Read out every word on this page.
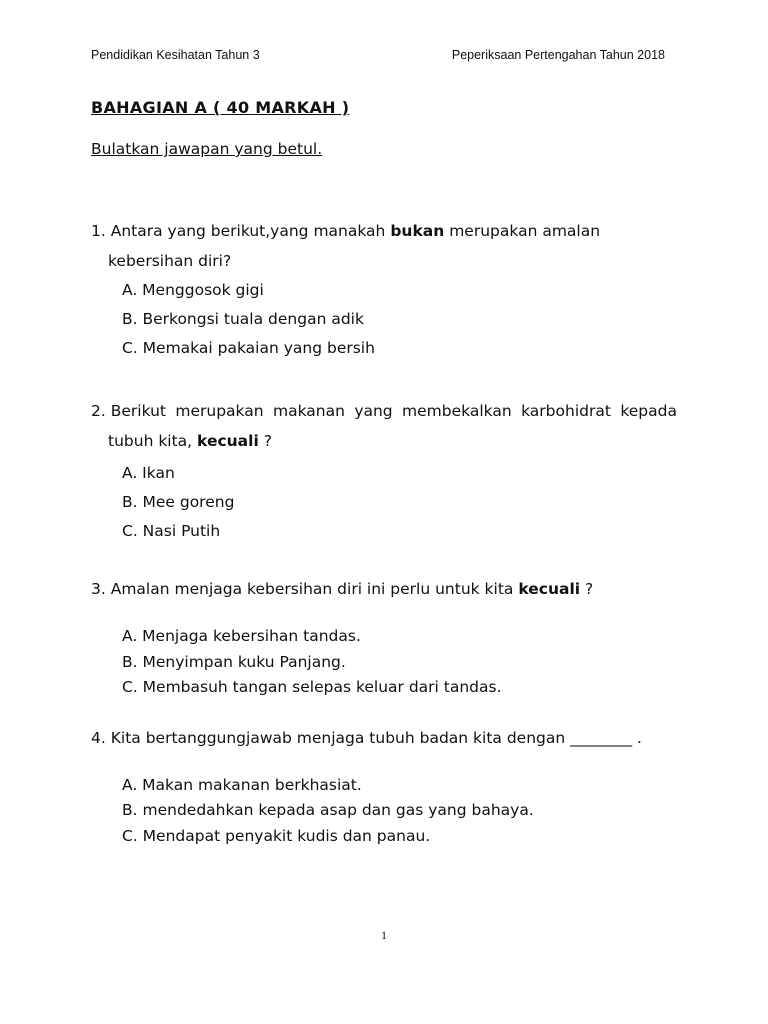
Pendidikan Kesihatan Tahun 3	Peperiksaan Pertengahan Tahun 2018
BAHAGIAN A ( 40 MARKAH )
Bulatkan jawapan yang betul.
1. Antara yang berikut,yang manakah bukan merupakan amalan
kebersihan diri?
A. Menggosok gigi
B. Berkongsi tuala dengan adik
C. Memakai pakaian yang bersih
2. Berikut merupakan makanan yang membekalkan karbohidrat kepada
tubuh kita, kecuali ?
A. Ikan
B. Mee goreng
C. Nasi Putih
3. Amalan menjaga kebersihan diri ini perlu untuk kita kecuali ?
A. Menjaga kebersihan tandas.
B. Menyimpan kuku Panjang.
C. Membasuh tangan selepas keluar dari tandas.
4. Kita bertanggungjawab menjaga tubuh badan kita dengan ________ .
A. Makan makanan berkhasiat.
B. mendedahkan kepada asap dan gas yang bahaya.
C. Mendapat penyakit kudis dan panau.
1
